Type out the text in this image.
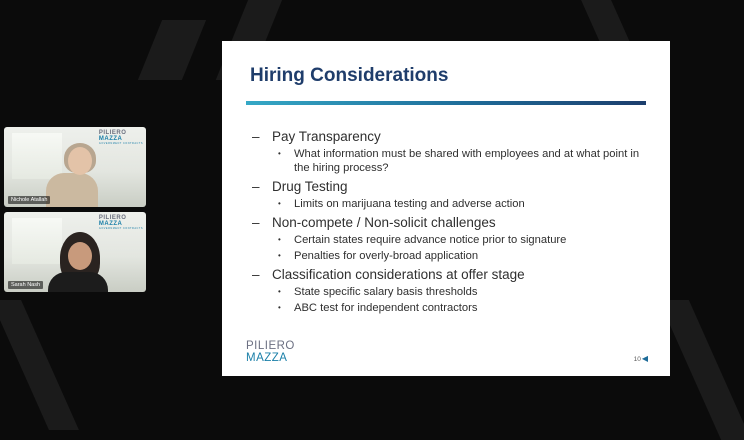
PILIERO
MAZZA
GOVERNMENT CONTRACTS
Nichole Atallah
PILIERO
MAZZA
GOVERNMENT CONTRACTS
Sarah Nash
Hiring Considerations
– Pay Transparency
•	What information must be shared with employees and at what point in the hiring process?
– Drug Testing
•	Limits on marijuana testing and adverse action
– Non-compete / Non-solicit challenges
•	Certain states require advance notice prior to signature
•	Penalties for overly-broad application
– Classification considerations at offer stage
•	State specific salary basis thresholds
•	ABC test for independent contractors
PILIERO
MAZZA	10◀
